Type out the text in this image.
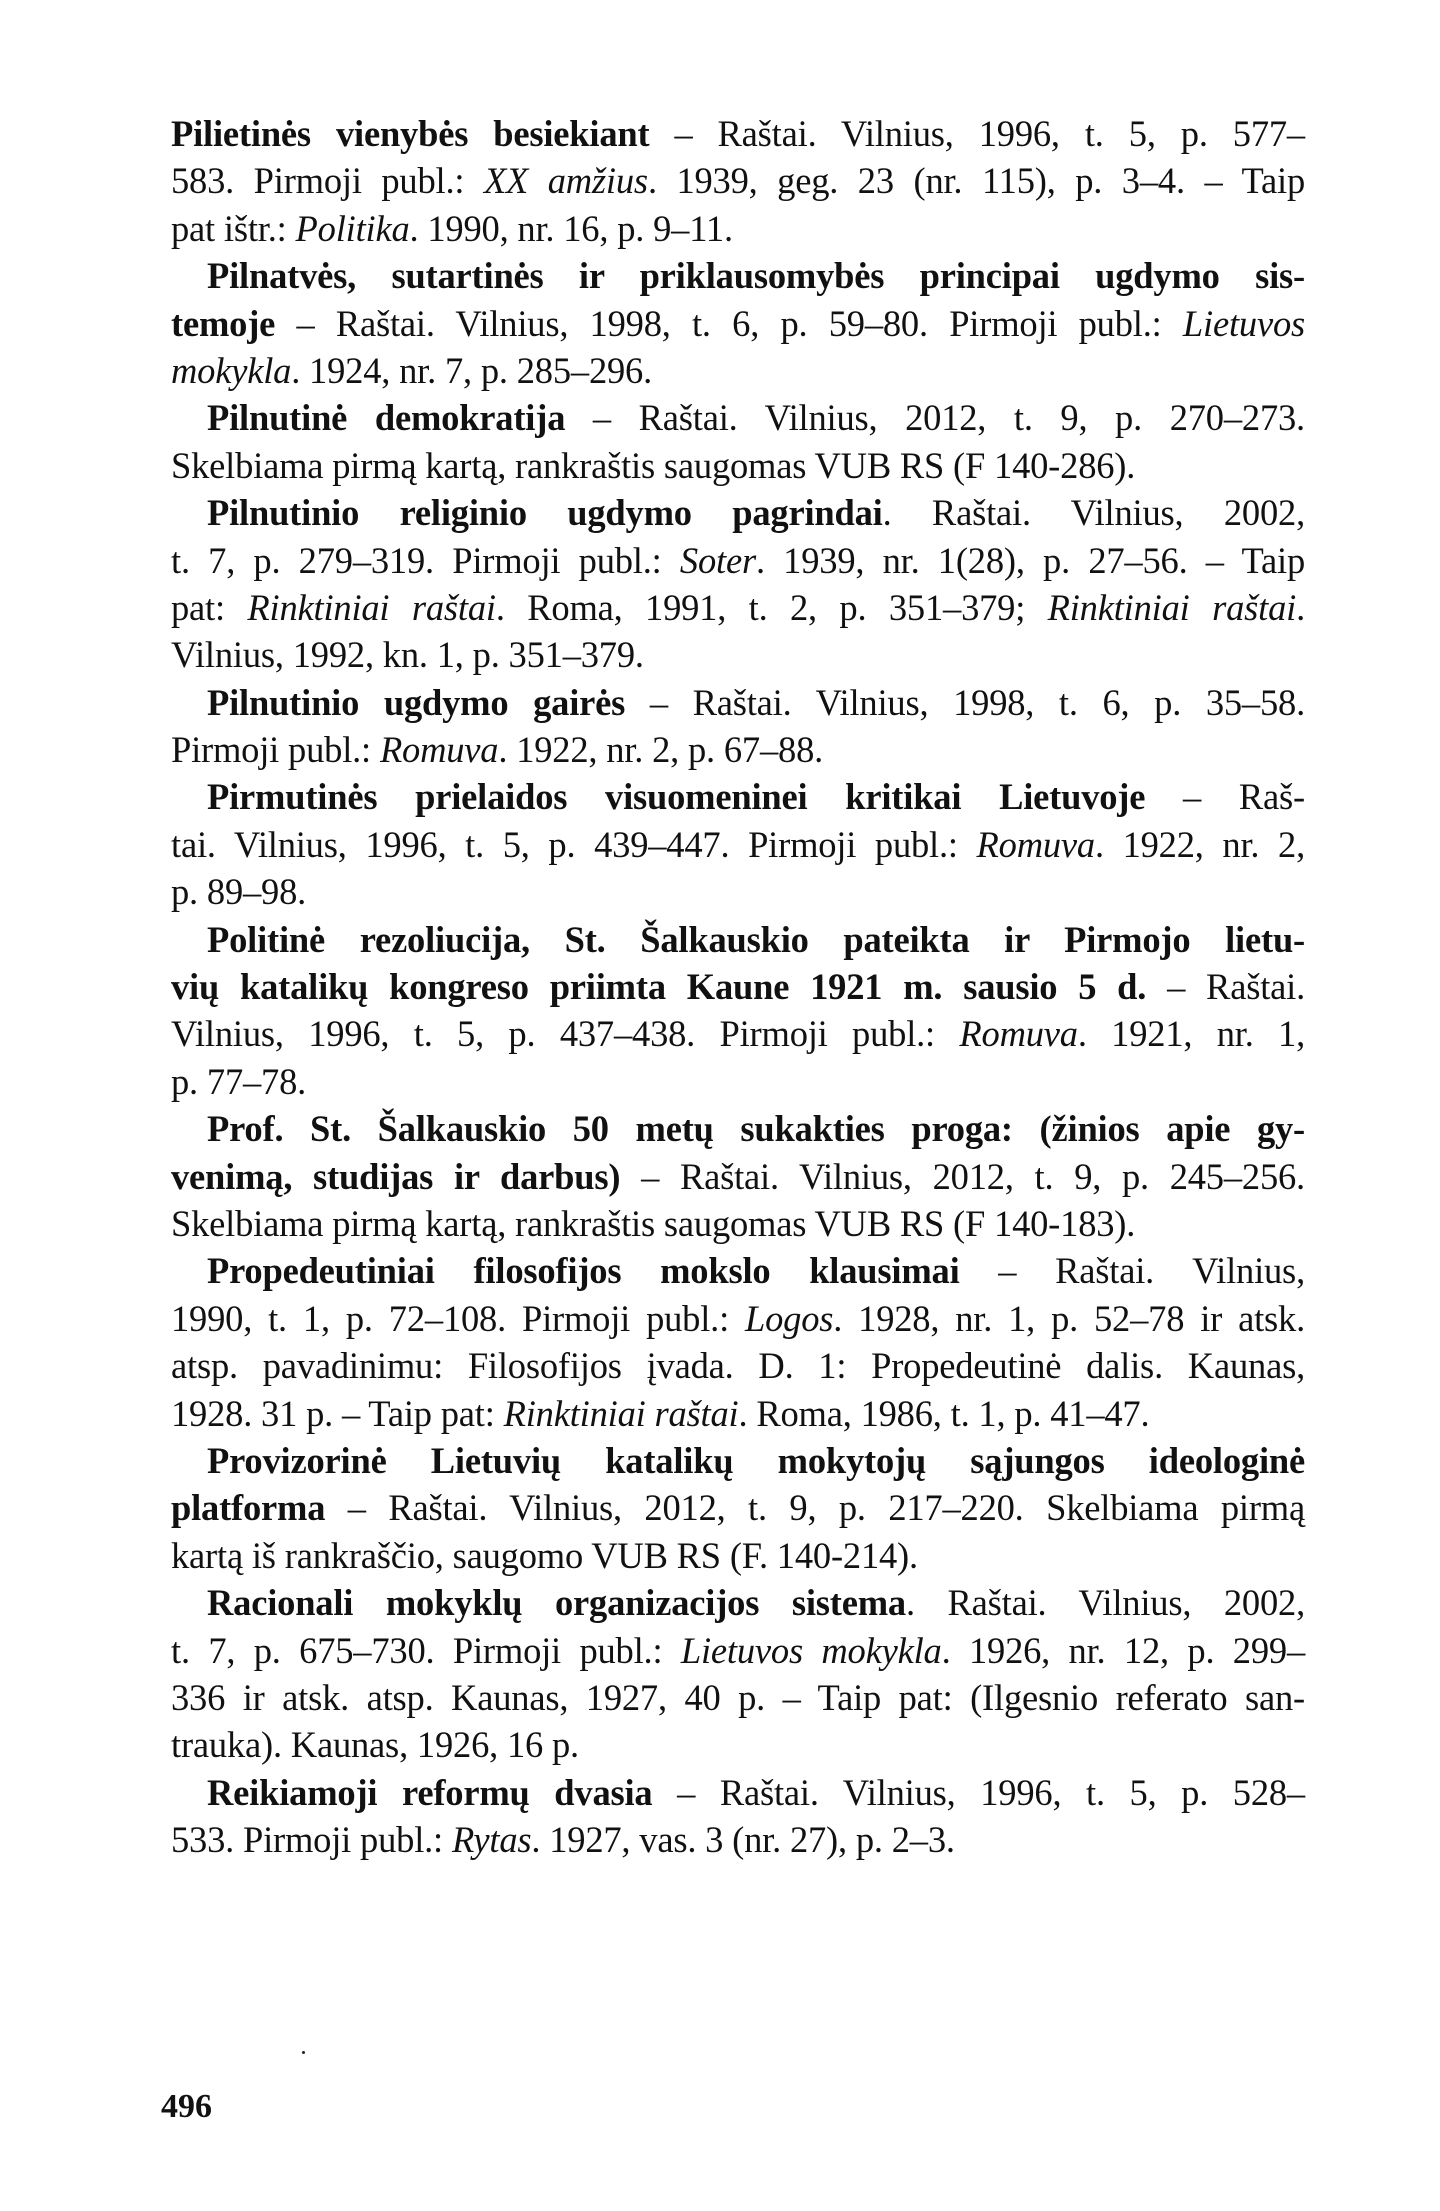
Pilietinės vienybės besiekiant – Raštai. Vilnius, 1996, t. 5, p. 577–
583. Pirmoji publ.: XX amžius. 1939, geg. 23 (nr. 115), p. 3–4. – Taip
pat ištr.: Politika. 1990, nr. 16, p. 9–11.
Pilnatvės, sutartinės ir priklausomybės principai ugdymo sis-
temoje – Raštai. Vilnius, 1998, t. 6, p. 59–80. Pirmoji publ.: Lietuvos
mokykla. 1924, nr. 7, p. 285–296.
Pilnutinė demokratija – Raštai. Vilnius, 2012, t. 9, p. 270–273.
Skelbiama pirmą kartą, rankraštis saugomas VUB RS (F 140-286).
Pilnutinio religinio ugdymo pagrindai. Raštai. Vilnius, 2002,
t. 7, p. 279–319. Pirmoji publ.: Soter. 1939, nr. 1(28), p. 27–56. – Taip
pat: Rinktiniai raštai. Roma, 1991, t. 2, p. 351–379; Rinktiniai raštai.
Vilnius, 1992, kn. 1, p. 351–379.
Pilnutinio ugdymo gairės – Raštai. Vilnius, 1998, t. 6, p. 35–58.
Pirmoji publ.: Romuva. 1922, nr. 2, p. 67–88.
Pirmutinės prielaidos visuomeninei kritikai Lietuvoje – Raš-
tai. Vilnius, 1996, t. 5, p. 439–447. Pirmoji publ.: Romuva. 1922, nr. 2,
p. 89–98.
Politinė rezoliucija, St. Šalkauskio pateikta ir Pirmojo lietu-
vių katalikų kongreso priimta Kaune 1921 m. sausio 5 d. – Raštai.
Vilnius, 1996, t. 5, p. 437–438. Pirmoji publ.: Romuva. 1921, nr. 1,
p. 77–78.
Prof. St. Šalkauskio 50 metų sukakties proga: (žinios apie gy-
venimą, studijas ir darbus) – Raštai. Vilnius, 2012, t. 9, p. 245–256.
Skelbiama pirmą kartą, rankraštis saugomas VUB RS (F 140-183).
Propedeutiniai filosofijos mokslo klausimai – Raštai. Vilnius,
1990, t. 1, p. 72–108. Pirmoji publ.: Logos. 1928, nr. 1, p. 52–78 ir atsk.
atsp. pavadinimu: Filosofijos įvada. D. 1: Propedeutinė dalis. Kaunas,
1928. 31 p. – Taip pat: Rinktiniai raštai. Roma, 1986, t. 1, p. 41–47.
Provizorinė Lietuvių katalikų mokytojų sąjungos ideologinė
platforma – Raštai. Vilnius, 2012, t. 9, p. 217–220. Skelbiama pirmą
kartą iš rankraščio, saugomo VUB RS (F. 140-214).
Racionali mokyklų organizacijos sistema. Raštai. Vilnius, 2002,
t. 7, p. 675–730. Pirmoji publ.: Lietuvos mokykla. 1926, nr. 12, p. 299–
336 ir atsk. atsp. Kaunas, 1927, 40 p. – Taip pat: (Ilgesnio referato san-
trauka). Kaunas, 1926, 16 p.
Reikiamoji reformų dvasia – Raštai. Vilnius, 1996, t. 5, p. 528–
533. Pirmoji publ.: Rytas. 1927, vas. 3 (nr. 27), p. 2–3.
496
